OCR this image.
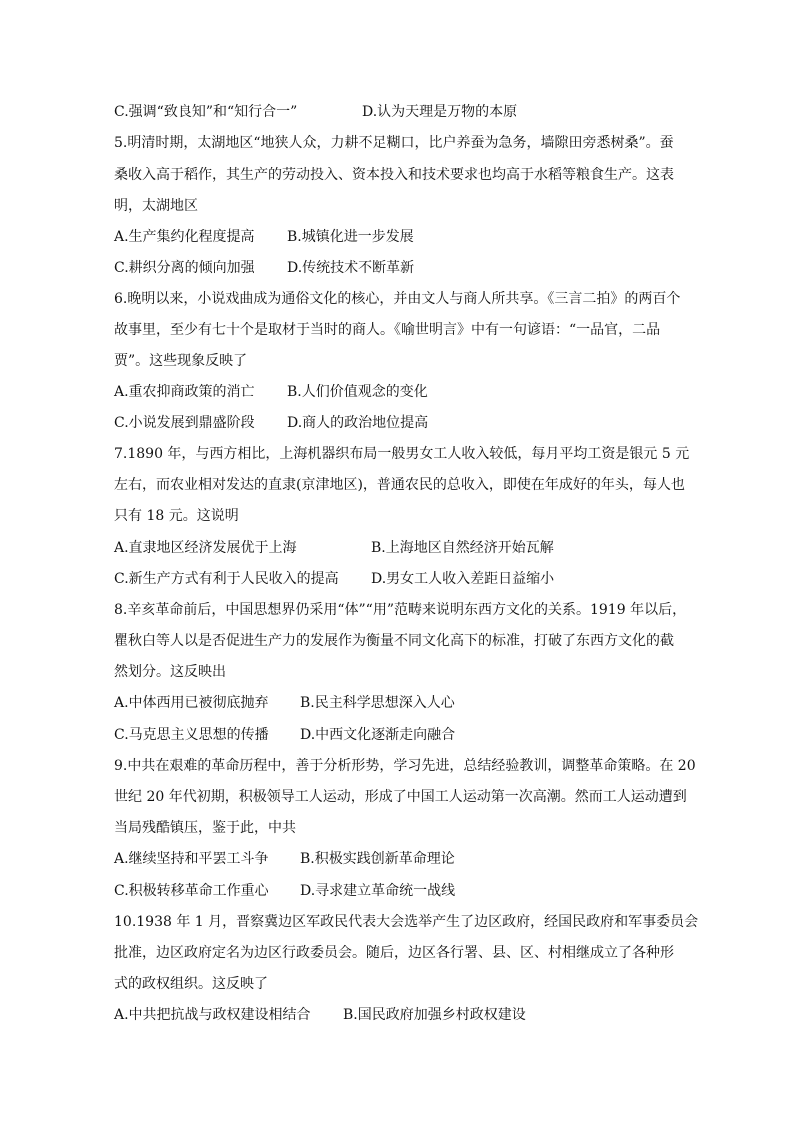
C.强调“致良知”和“知行合一”	D.认为天理是万物的本原
5.明清时期，太湖地区“地狭人众，力耕不足糊口，比户养蚕为急务，墙隙田旁悉树桑”。蚕
桑收入高于稻作，其生产的劳动投入、资本投入和技术要求也均高于水稻等粮食生产。这表
明，太湖地区
A.生产集约化程度提高 B.城镇化进一步发展
C.耕织分离的倾向加强 D.传统技术不断革新
6.晚明以来，小说戏曲成为通俗文化的核心，并由文人与商人所共享。《三言二拍》的两百个
故事里，至少有七十个是取材于当时的商人。《喻世明言》中有一句谚语：“一品官，二品
贾”。这些现象反映了
A.重农抑商政策的消亡 B.人们价值观念的变化
C.小说发展到鼎盛阶段 D.商人的政治地位提高
7.1890 年，与西方相比，上海机器织布局一般男女工人收入较低，每月平均工资是银元 5 元
左右，而农业相对发达的直隶(京津地区)，普通农民的总收入，即使在年成好的年头，每人也
只有 18 元。这说明
A.直隶地区经济发展优于上海	B.上海地区自然经济开始瓦解
C.新生产方式有利于人民收入的提高 D.男女工人收入差距日益缩小
8.辛亥革命前后，中国思想界仍采用“体”“用”范畴来说明东西方文化的关系。1919 年以后，
瞿秋白等人以是否促进生产力的发展作为衡量不同文化高下的标准，打破了东西方文化的截
然划分。这反映出
A.中体西用已被彻底抛弃 B.民主科学思想深入人心
C.马克思主义思想的传播 D.中西文化逐渐走向融合
9.中共在艰难的革命历程中，善于分析形势，学习先进，总结经验教训，调整革命策略。在 20
世纪 20 年代初期，积极领导工人运动，形成了中国工人运动第一次高潮。然而工人运动遭到
当局残酷镇压，鉴于此，中共
A.继续坚持和平罢工斗争 B.积极实践创新革命理论
C.积极转移革命工作重心 D.寻求建立革命统一战线
10.1938 年 1 月，晋察冀边区军政民代表大会选举产生了边区政府，经国民政府和军事委员会
批准，边区政府定名为边区行政委员会。随后，边区各行署、县、区、村相继成立了各种形
式的政权组织。这反映了
A.中共把抗战与政权建设相结合 B.国民政府加强乡村政权建设
